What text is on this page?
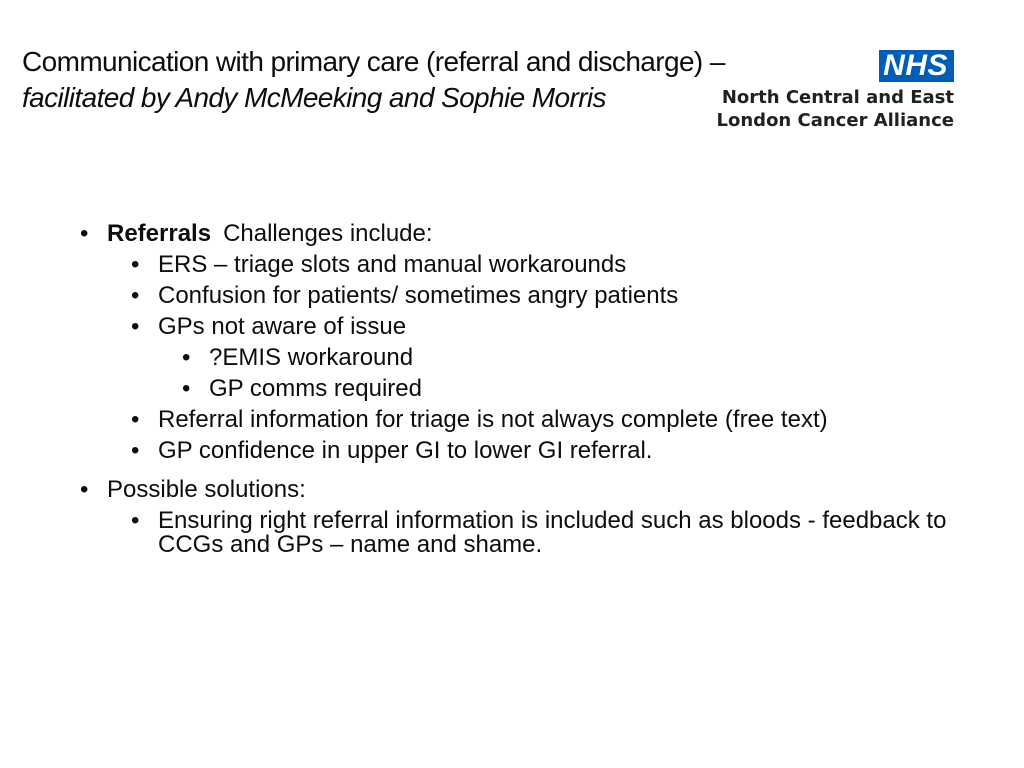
Communication with primary care (referral and discharge) –
facilitated by Andy McMeeking and Sophie Morris
NHS
North Central and East
London Cancer Alliance
• Referrals Challenges include:
• ERS – triage slots and manual workarounds
• Confusion for patients/ sometimes angry patients
• GPs not aware of issue
• ?EMIS workaround
• GP comms required
• Referral information for triage is not always complete (free text)
• GP confidence in upper GI to lower GI referral.
• Possible solutions:
• Ensuring right referral information is included such as bloods - feedback to CCGs and GPs – name and shame.
